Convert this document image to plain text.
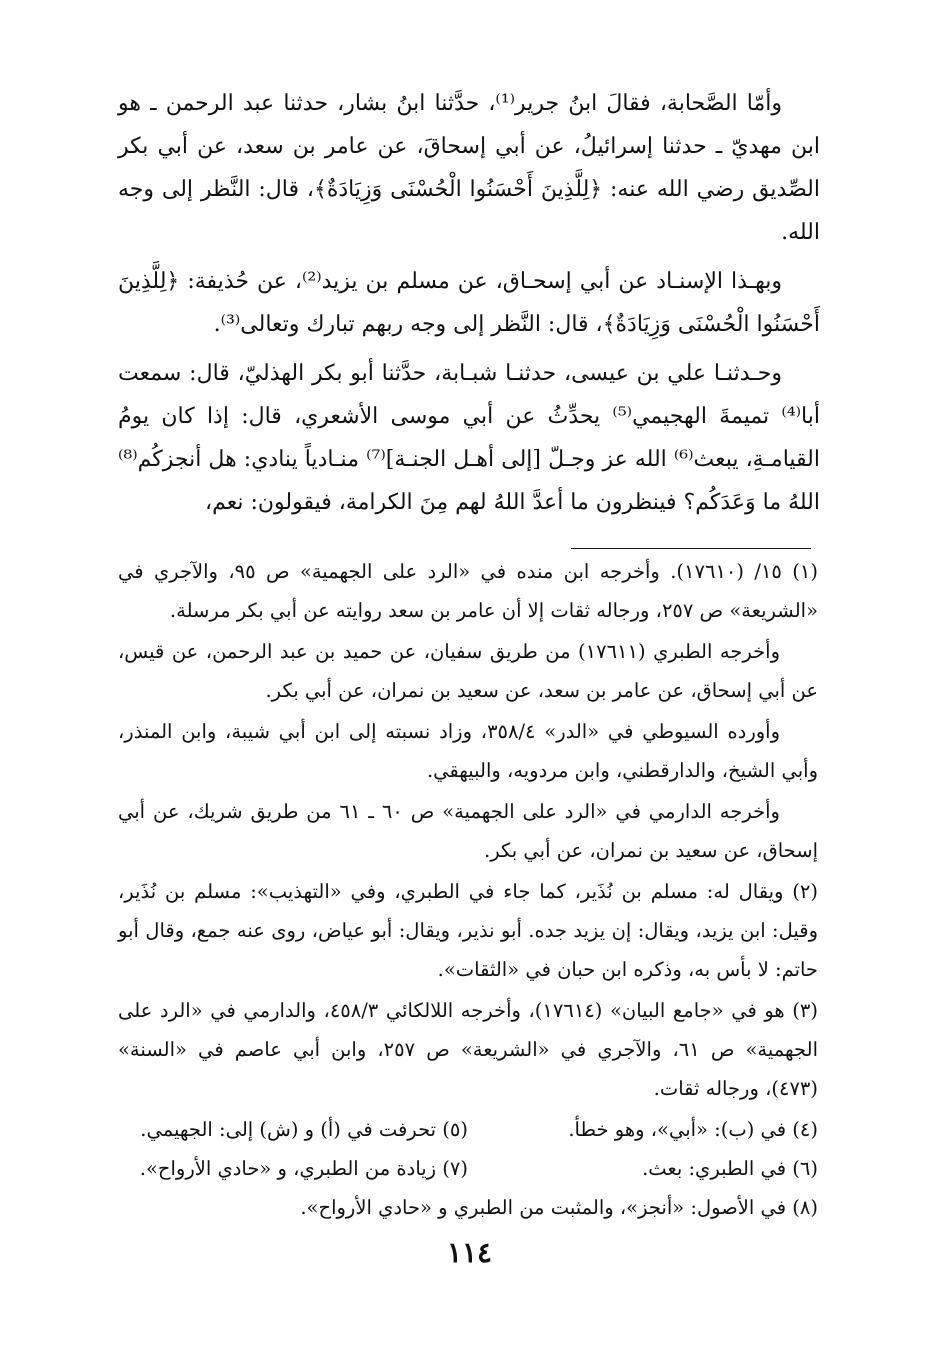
وأمّا الصَّحابة، فقالَ ابنُ جرير⁽¹⁾، حدَّثنا ابنُ بشار، حدثنا عبد الرحمن ـ هو ابن مهديّ ـ حدثنا إسرائيلُ، عن أبي إسحاقَ، عن عامر بن سعد، عن أبي بكر الصِّديق رضي الله عنه: ﴿لِلَّذِينَ أَحْسَنُوا الْحُسْنَى وَزِيَادَةٌ﴾، قال: النَّظر إلى وجه الله.

وبهـذا الإسنـاد عن أبي إسحـاق، عن مسلم بن يزيد⁽²⁾، عن حُذيفة: ﴿لِلَّذِينَ أَحْسَنُوا الْحُسْنَى وَزِيَادَةٌ﴾، قال: النَّظر إلى وجه ربهم تبارك وتعالى⁽³⁾.

وحـدثنـا علي بن عيسى، حدثنـا شبـابة، حدَّثنا أبو بكر الهذليّ، قال: سمعت أبا⁽⁴⁾ تميمةَ الهجيمي⁽⁵⁾ يحدِّثُ عن أبي موسى الأشعري، قال: إذا كان يومُ القيامـةِ، يبعث⁽⁶⁾ الله عز وجـلّ [إلى أهـل الجنـة]⁽⁷⁾ منـادياً ينادي: هل أنجزكُم⁽⁸⁾ اللهُ ما وَعَدَكُم؟ فينظرون ما أعدَّ اللهُ لهم مِنَ الكرامة، فيقولون: نعم،

(١) ١٥/ (١٧٦١٠). وأخرجه ابن منده في «الرد على الجهمية» ص ٩٥، والآجري في «الشريعة» ص ٢٥٧، ورجاله ثقات إلا أن عامر بن سعد روايته عن أبي بكر مرسلة.

وأخرجه الطبري (١٧٦١١) من طريق سفيان، عن حميد بن عبد الرحمن، عن قيس، عن أبي إسحاق، عن عامر بن سعد، عن سعيد بن نمران، عن أبي بكر.

وأورده السيوطي في «الدر» ٣٥٨/٤، وزاد نسبته إلى ابن أبي شيبة، وابن المنذر، وأبي الشيخ، والدارقطني، وابن مردويه، والبيهقي.

وأخرجه الدارمي في «الرد على الجهمية» ص ٦٠ ـ ٦١ من طريق شريك، عن أبي إسحاق، عن سعيد بن نمران، عن أبي بكر.

(٢) ويقال له: مسلم بن نُذَير، كما جاء في الطبري، وفي «التهذيب»: مسلم بن نُذَير، وقيل: ابن يزيد، ويقال: إن يزيد جده. أبو نذير، ويقال: أبو عياض، روى عنه جمع، وقال أبو حاتم: لا بأس به، وذكره ابن حبان في «الثقات».

(٣) هو في «جامع البيان» (١٧٦١٤)، وأخرجه اللالكائي ٤٥٨/٣، والدارمي في «الرد على الجهمية» ص ٦١، والآجري في «الشريعة» ص ٢٥٧، وابن أبي عاصم في «السنة» (٤٧٣)، ورجاله ثقات.

(٤) في (ب): «أبي»، وهو خطأ.
(٥) تحرفت في (أ) و (ش) إلى: الجهيمي.
(٦) في الطبري: بعث.
(٧) زيادة من الطبري، و «حادي الأرواح».

(٨) في الأصول: «أنجز»، والمثبت من الطبري و «حادي الأرواح».

١١٤
